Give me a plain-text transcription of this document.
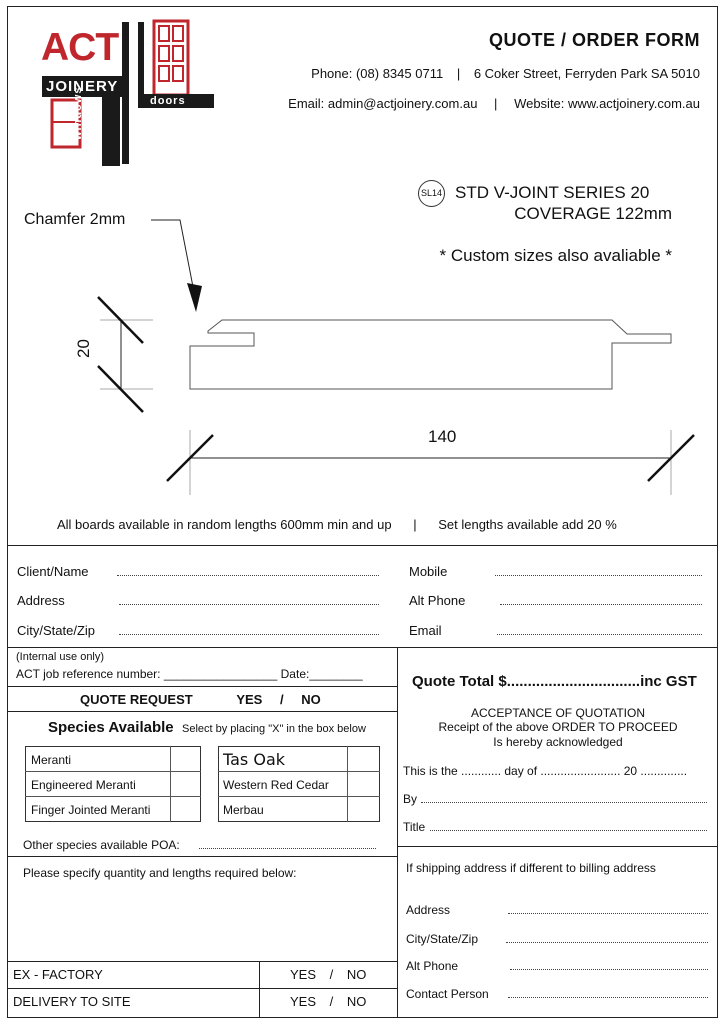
ACT
JOINERY
doors
windows
QUOTE / ORDER FORM
Phone: (08) 8345 0711 | 6 Coker Street, Ferryden Park SA 5010
Email: admin@actjoinery.com.au | Website: www.actjoinery.com.au
SL14 STD V-JOINT SERIES 20
COVERAGE 122mm
* Custom sizes also avaliable *
Chamfer 2mm
20
140
All boards available in random lengths 600mm min and up | Set lengths available add 20 %
Client/Name
Address
City/State/Zip
Mobile
Alt Phone
Email
(Internal use only)
ACT job reference number: _________________ Date:________
QUOTE REQUEST	YES / NO
Species Available Select by placing "X" in the box below
Meranti
Engineered Meranti
Finger Jointed Meranti
Tas Oak
Western Red Cedar
Merbau
Other species available POA:
Please specify quantity and lengths required below:
EX - FACTORY
DELIVERY TO SITE
YES / NO
YES / NO
Quote Total $................................inc GST
ACCEPTANCE OF QUOTATION
Receipt of the above ORDER TO PROCEED
Is hereby acknowledged
This is the ............ day of ........................ 20 ..............
By
Title
If shipping address if different to billing address
Address
City/State/Zip
Alt Phone
Contact Person
